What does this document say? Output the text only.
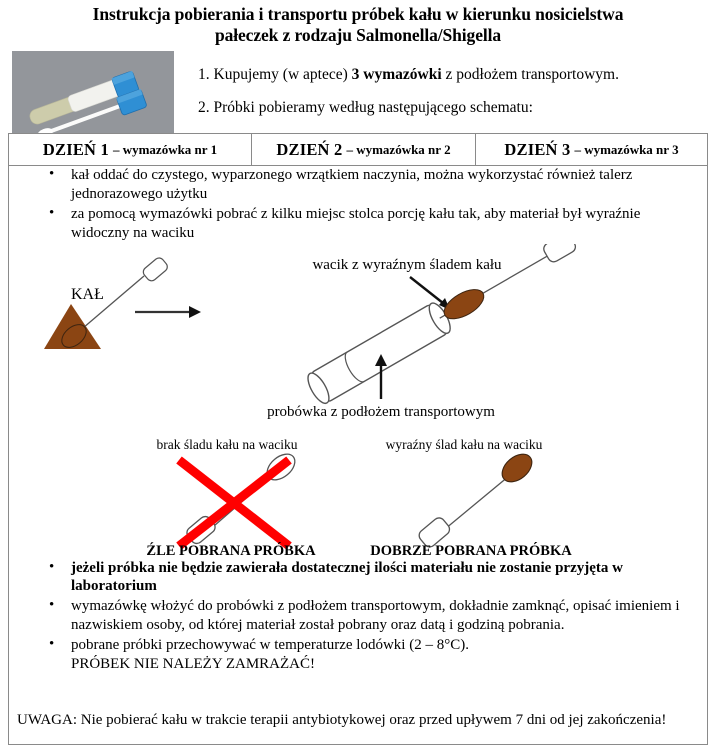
Instrukcja pobierania i transportu próbek kału w kierunku nosicielstwa
pałeczek z rodzaju Salmonella/Shigella

1. Kupujemy (w aptece) 3 wymazówki z podłożem transportowym.

2. Próbki pobieramy według następującego schematu:

DZIEŃ 1 – wymazówka nr 1	DZIEŃ 2 – wymazówka nr 2	DZIEŃ 3 – wymazówka nr 3
• kał oddać do czystego, wyparzonego wrzątkiem naczynia, można wykorzystać również talerz jednorazowego użytku
• za pomocą wymazówki pobrać z kilku miejsc stolca porcję kału tak, aby materiał był wyraźnie widoczny na waciku
wacik z wyraźnym śladem kału
KAŁ
probówka z podłożem transportowym
brak śladu kału na waciku	wyraźny ślad kału na waciku
ŹLE POBRANA PRÓBKA	DOBRZE POBRANA PRÓBKA
• jeżeli próbka nie będzie zawierała dostatecznej ilości materiału nie zostanie przyjęta w laboratorium
• wymazówkę włożyć do probówki z podłożem transportowym, dokładnie zamknąć, opisać imieniem i nazwiskiem osoby, od której materiał został pobrany oraz datą i godziną pobrania.
• pobrane próbki przechowywać w temperaturze lodówki (2 – 8°C).
PRÓBEK NIE NALEŻY ZAMRAŻAĆ!

UWAGA: Nie pobierać kału w trakcie terapii antybiotykowej oraz przed upływem 7 dni od jej zakończenia!
